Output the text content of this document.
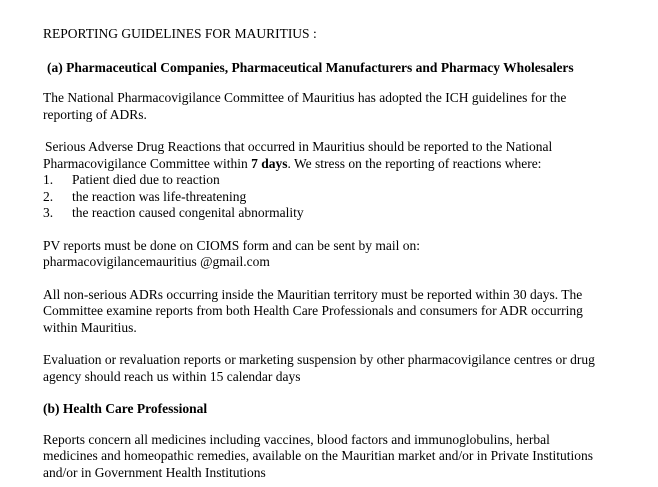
REPORTING GUIDELINES FOR MAURITIUS :

(a) Pharmaceutical Companies, Pharmaceutical Manufacturers and Pharmacy Wholesalers

The National Pharmacovigilance Committee of Mauritius has adopted the ICH guidelines for the

reporting of ADRs.

Serious Adverse Drug Reactions that occurred in Mauritius should be reported to the National

Pharmacovigilance Committee within 7 days. We stress on the reporting of reactions where:

1.	Patient died due to reaction
2.	the reaction was life-threatening
3.	the reaction caused congenital abnormality

PV reports must be done on CIOMS form and can be sent by mail on:

pharmacovigilancemauritius @gmail.com

All non-serious ADRs occurring inside the Mauritian territory must be reported within 30 days. The

Committee examine reports from both Health Care Professionals and consumers for ADR occurring

within Mauritius.

Evaluation or revaluation reports or marketing suspension by other pharmacovigilance centres or drug

agency should reach us within 15 calendar days

(b) Health Care Professional

Reports concern all medicines including vaccines, blood factors and immunoglobulins, herbal

medicines and homeopathic remedies, available on the Mauritian market and/or in Private Institutions

and/or in Government Health Institutions
